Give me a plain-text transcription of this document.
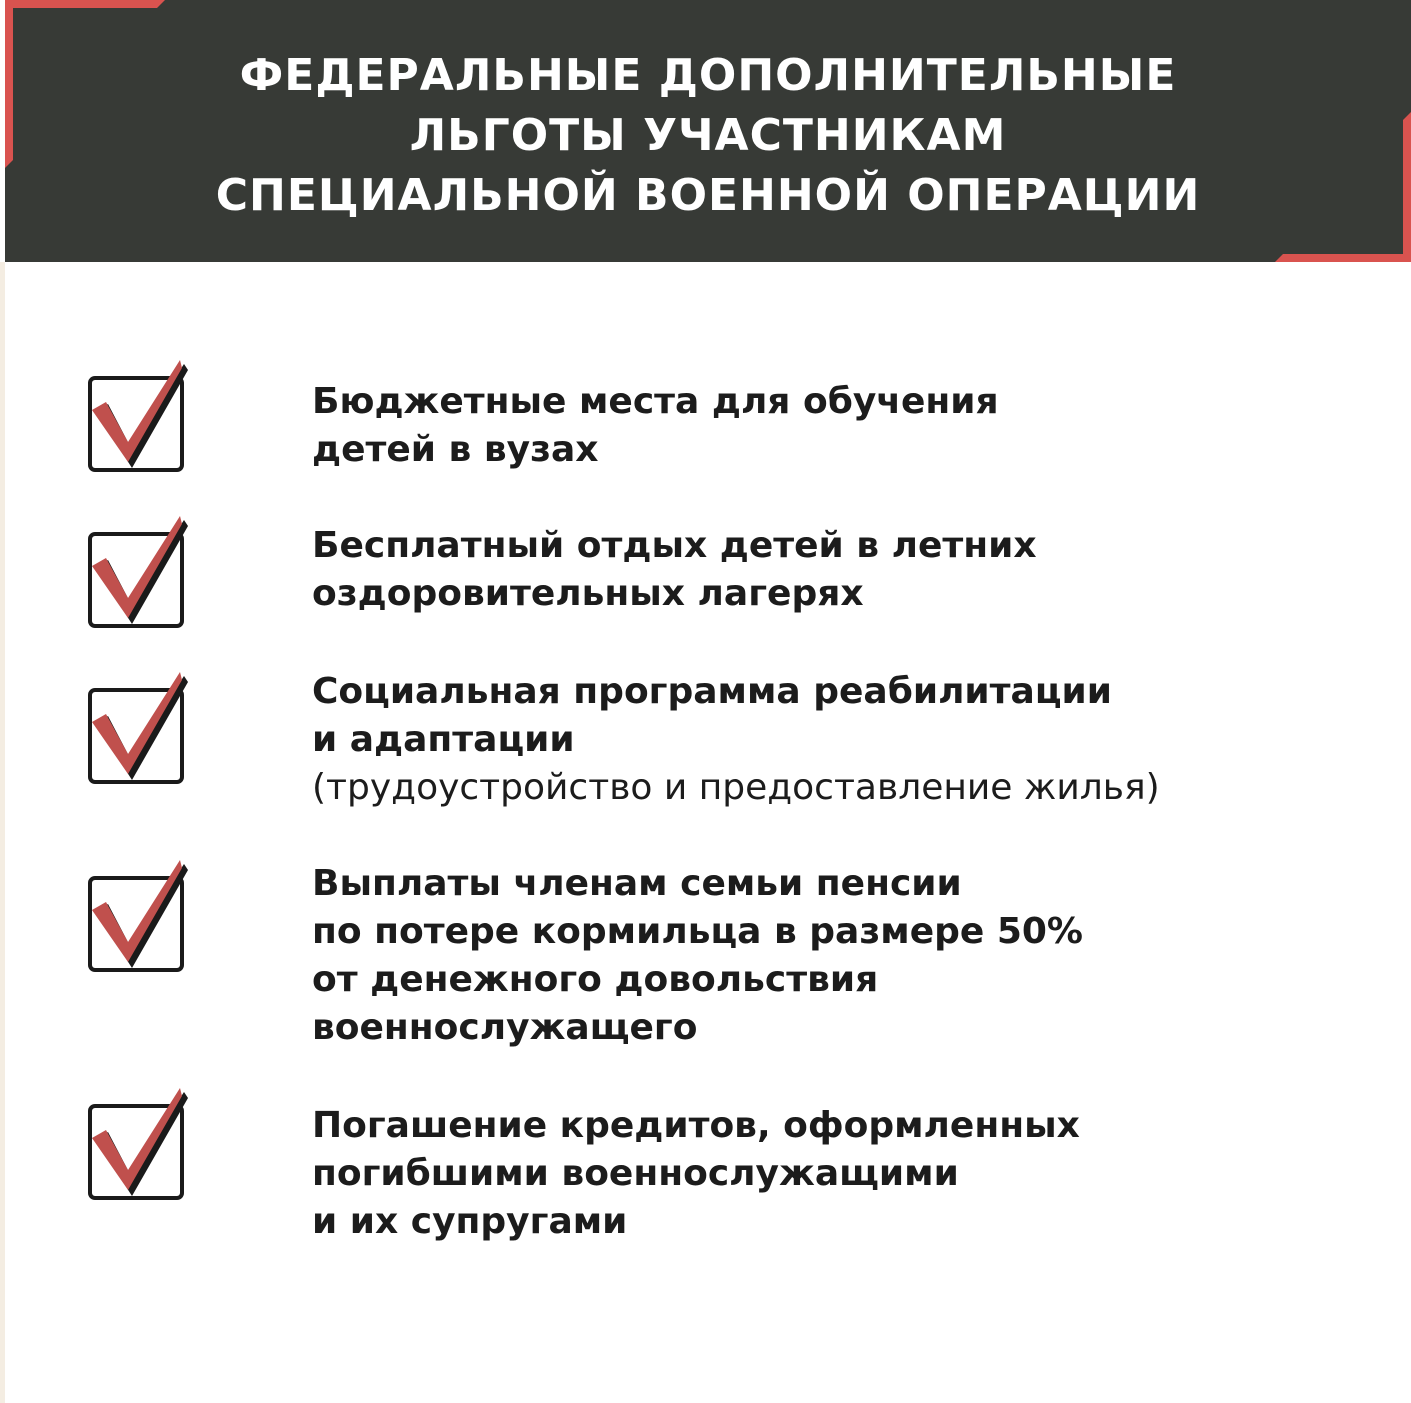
ФЕДЕРАЛЬНЫЕ ДОПОЛНИТЕЛЬНЫЕ
ЛЬГОТЫ УЧАСТНИКАМ
СПЕЦИАЛЬНОЙ ВОЕННОЙ ОПЕРАЦИИ

Бюджетные места для обучения
детей в вузах

Бесплатный отдых детей в летних
оздоровительных лагерях

Социальная программа реабилитации
и адаптации
(трудоустройство и предоставление жилья)

Выплаты членам семьи пенсии
по потере кормильца в размере 50%
от денежного довольствия
военнослужащего

Погашение кредитов, оформленных
погибшими военнослужащими
и их супругами
